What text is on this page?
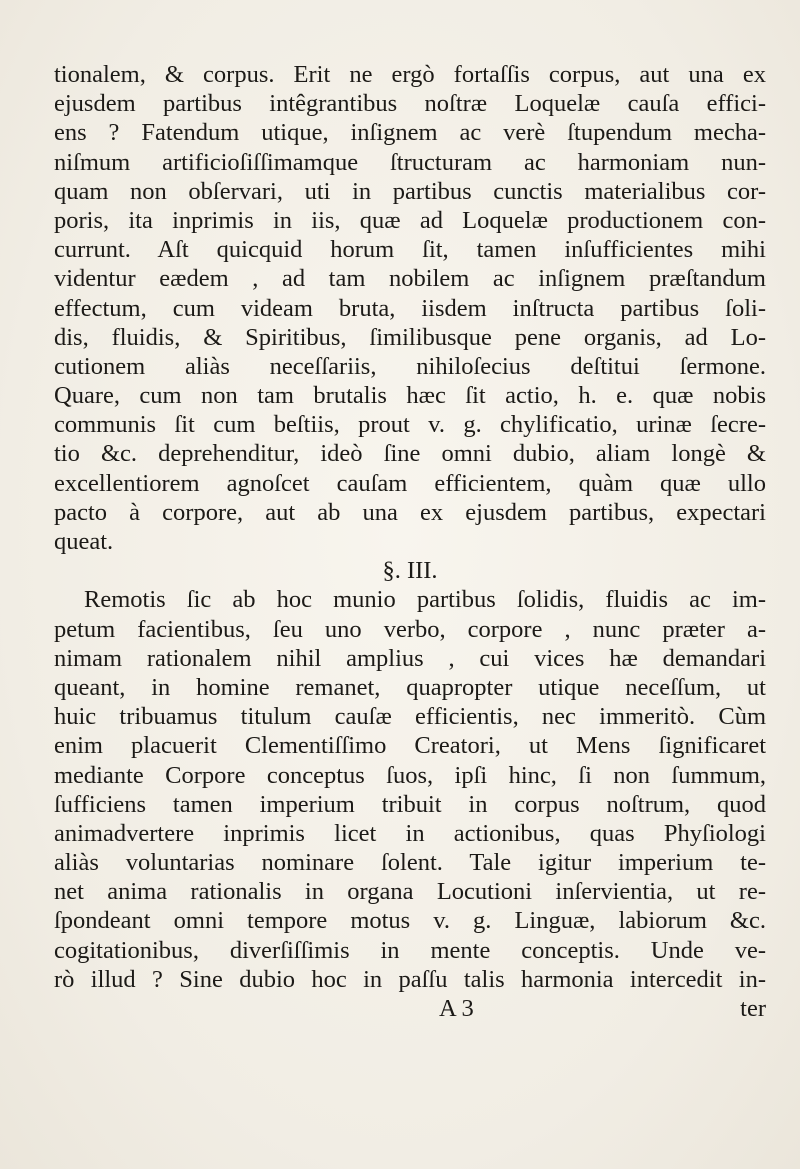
tionalem, & corpus. Erit ne ergò fortaſſis corpus, aut una ex
ejusdem partibus intêgrantibus noſtræ Loquelæ cauſa effici-
ens ? Fatendum utique, inſignem ac verè ſtupendum mecha-
niſmum artificioſiſſimamque ſtructuram ac harmoniam nun-
quam non obſervari, uti in partibus cunctis materialibus cor-
poris, ita inprimis in iis, quæ ad Loquelæ productionem con-
currunt. Aſt quicquid horum ſit, tamen inſufficientes mihi
videntur eædem , ad tam nobilem ac inſignem præſtandum
effectum, cum videam bruta, iisdem inſtructa partibus ſoli-
dis, fluidis, & Spiritibus, ſimilibusque pene organis, ad Lo-
cutionem aliàs neceſſariis, nihiloſecius deſtitui ſermone.
Quare, cum non tam brutalis hæc ſit actio, h. e. quæ nobis
communis ſit cum beſtiis, prout v. g. chylificatio, urinæ ſecre-
tio &c. deprehenditur, ideò ſine omni dubio, aliam longè &
excellentiorem agnoſcet cauſam efficientem, quàm quæ ullo
pacto à corpore, aut ab una ex ejusdem partibus, expectari
queat.
§. III.
Remotis ſic ab hoc munio partibus ſolidis, fluidis ac im-
petum facientibus, ſeu uno verbo, corpore , nunc præter a-
nimam rationalem nihil amplius , cui vices hæ demandari
queant, in homine remanet, quapropter utique neceſſum, ut
huic tribuamus titulum cauſæ efficientis, nec immeritò. Cùm
enim placuerit Clementiſſimo Creatori, ut Mens ſignificaret
mediante Corpore conceptus ſuos, ipſi hinc, ſi non ſummum,
ſufficiens tamen imperium tribuit in corpus noſtrum, quod
animadvertere inprimis licet in actionibus, quas Phyſiologi
aliàs voluntarias nominare ſolent. Tale igitur imperium te-
net anima rationalis in organa Locutioni inſervientia, ut re-
ſpondeant omni tempore motus v. g. Linguæ, labiorum &c.
cogitationibus, diverſiſſimis in mente conceptis. Unde ve-
rò illud ? Sine dubio hoc in paſſu talis harmonia intercedit in-
A 3	ter
